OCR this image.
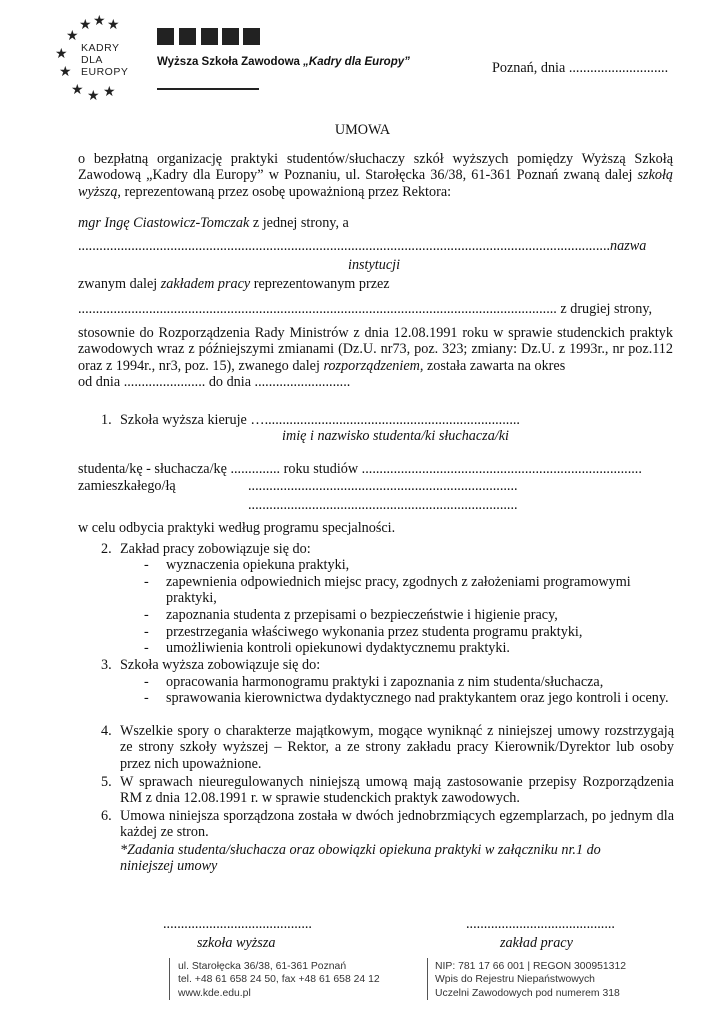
★
★ ★ ★
★
★
★ ★ ★
KADRY
DLA
EUROPY
Wyższa Szkoła Zawodowa „Kadry dla Europy”	Poznań, dnia ............................
UMOWA
o bezpłatną organizację praktyki studentów/słuchaczy szkół wyższych pomiędzy Wyższą Szkołą Zawodową „Kadry dla Europy” w Poznaniu, ul. Starołęcka 36/38, 61-361 Poznań zwaną dalej szkołą wyższą, reprezentowaną przez osobę upoważnioną przez Rektora:
mgr Ingę Ciastowicz-Tomczak z jednej strony, a
......................................................................................................................................................nazwa
instytucji
zwanym dalej zakładem pracy reprezentowanym przez
....................................................................................................................................... z drugiej strony,
stosownie do Rozporządzenia Rady Ministrów z dnia 12.08.1991 roku w sprawie studenckich praktyk zawodowych wraz z późniejszymi zmianami (Dz.U. nr73, poz. 323; zmiany: Dz.U. z 1993r., nr poz.112 oraz z 1994r., nr3, poz. 15), zwanego dalej rozporządzeniem, została zawarta na okres
od dnia ....................... do dnia ...........................
1. Szkoła wyższa kieruje …........................................................................
imię i nazwisko studenta/ki słuchacza/ki
studenta/kę - słuchacza/kę .............. roku studiów ...............................................................................
zamieszkałego/łą	............................................................................
............................................................................
w celu odbycia praktyki według programu specjalności.
2. Zakład pracy zobowiązuje się do:
- wyznaczenia opiekuna praktyki,
- zapewnienia odpowiednich miejsc pracy, zgodnych z założeniami programowymi praktyki,
- zapoznania studenta z przepisami o bezpieczeństwie i higienie pracy,
- przestrzegania właściwego wykonania przez studenta programu praktyki,
- umożliwienia kontroli opiekunowi dydaktycznemu praktyki.
3. Szkoła wyższa zobowiązuje się do:
- opracowania harmonogramu praktyki i zapoznania z nim studenta/słuchacza,
- sprawowania kierownictwa dydaktycznego nad praktykantem oraz jego kontroli i oceny.
4. Wszelkie spory o charakterze majątkowym, mogące wyniknąć z niniejszej umowy rozstrzygają ze strony szkoły wyższej – Rektor, a ze strony zakładu pracy Kierownik/Dyrektor lub osoby przez nich upoważnione.
5. W sprawach nieuregulowanych niniejszą umową mają zastosowanie przepisy Rozporządzenia RM z dnia 12.08.1991 r. w sprawie studenckich praktyk zawodowych.
6. Umowa niniejsza sporządzona została w dwóch jednobrzmiących egzemplarzach, po jednym dla każdej ze stron.
*Zadania studenta/słuchacza oraz obowiązki opiekuna praktyki w załączniku nr.1 do niniejszej umowy
..........................................
szkoła wyższa
..........................................
zakład pracy
ul. Starołęcka 36/38, 61-361 Poznań
tel. +48 61 658 24 50, fax +48 61 658 24 12
www.kde.edu.pl
NIP: 781 17 66 001 | REGON 300951312
Wpis do Rejestru Niepaństwowych
Uczelni Zawodowych pod numerem 318
